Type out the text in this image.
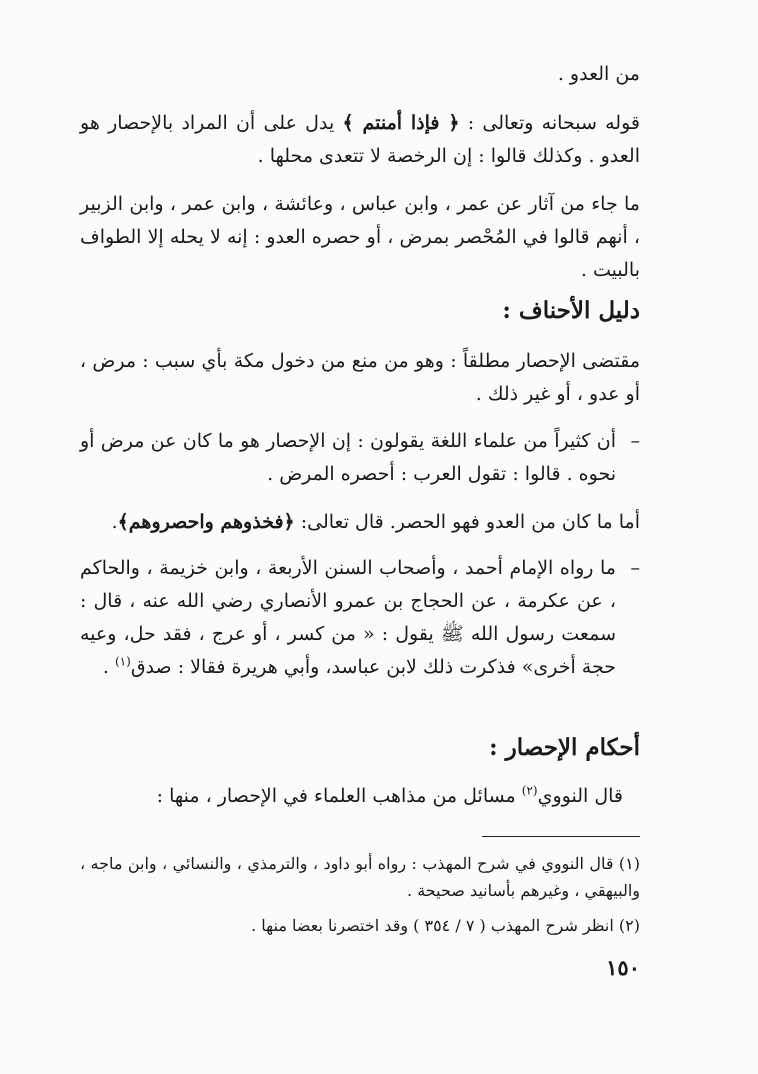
من العدو .

قوله سبحانه وتعالى : ﴿ فإذا أمنتم ﴾ يدل على أن المراد بالإحصار هو العدو . وكذلك قالوا : إن الرخصة لا تتعدى محلها .

ما جاء من آثار عن عمر ، وابن عباس ، وعائشة ، وابن عمر ، وابن الزبير ، أنهم قالوا في المُحْصر بمرض ، أو حصره العدو : إنه لا يحله إلا الطواف بالبيت .

دليل الأحناف :

مقتضى الإحصار مطلقاً : وهو من منع من دخول مكة بأي سبب : مرض ، أو عدو ، أو غير ذلك .

–
أن كثيراً من علماء اللغة يقولون : إن الإحصار هو ما كان عن مرض أو نحوه . قالوا : تقول العرب : أحصره المرض .

أما ما كان من العدو فهو الحصر. قال تعالى: ﴿فخذوهم واحصروهم﴾.

–
ما رواه الإمام أحمد ، وأصحاب السنن الأربعة ، وابن خزيمة ، والحاكم ، عن عكرمة ، عن الحجاج بن عمرو الأنصاري رضي الله عنه ، قال : سمعت رسول الله ﷺ يقول : « من كسر ، أو عرج ، فقد حل، وعيه حجة أخرى» فذكرت ذلك لابن عباسد، وأبي هريرة فقالا : صدق$^{(١)}$ .
أحكام الإحصار :

قال النووي$^{(٢)}$ مسائل من مذاهب العلماء في الإحصار ، منها :

(١) قال النووي في شرح المهذب : رواه أبو داود ، والترمذي ، والنسائي ، وابن ماجه ، والبيهقي ، وغيرهم بأسانيد صحيحة .
(٢) انظر شرح المهذب ( ٧ / ٣٥٤ ) وقد اختصرنا بعضا منها .
١٥٠
